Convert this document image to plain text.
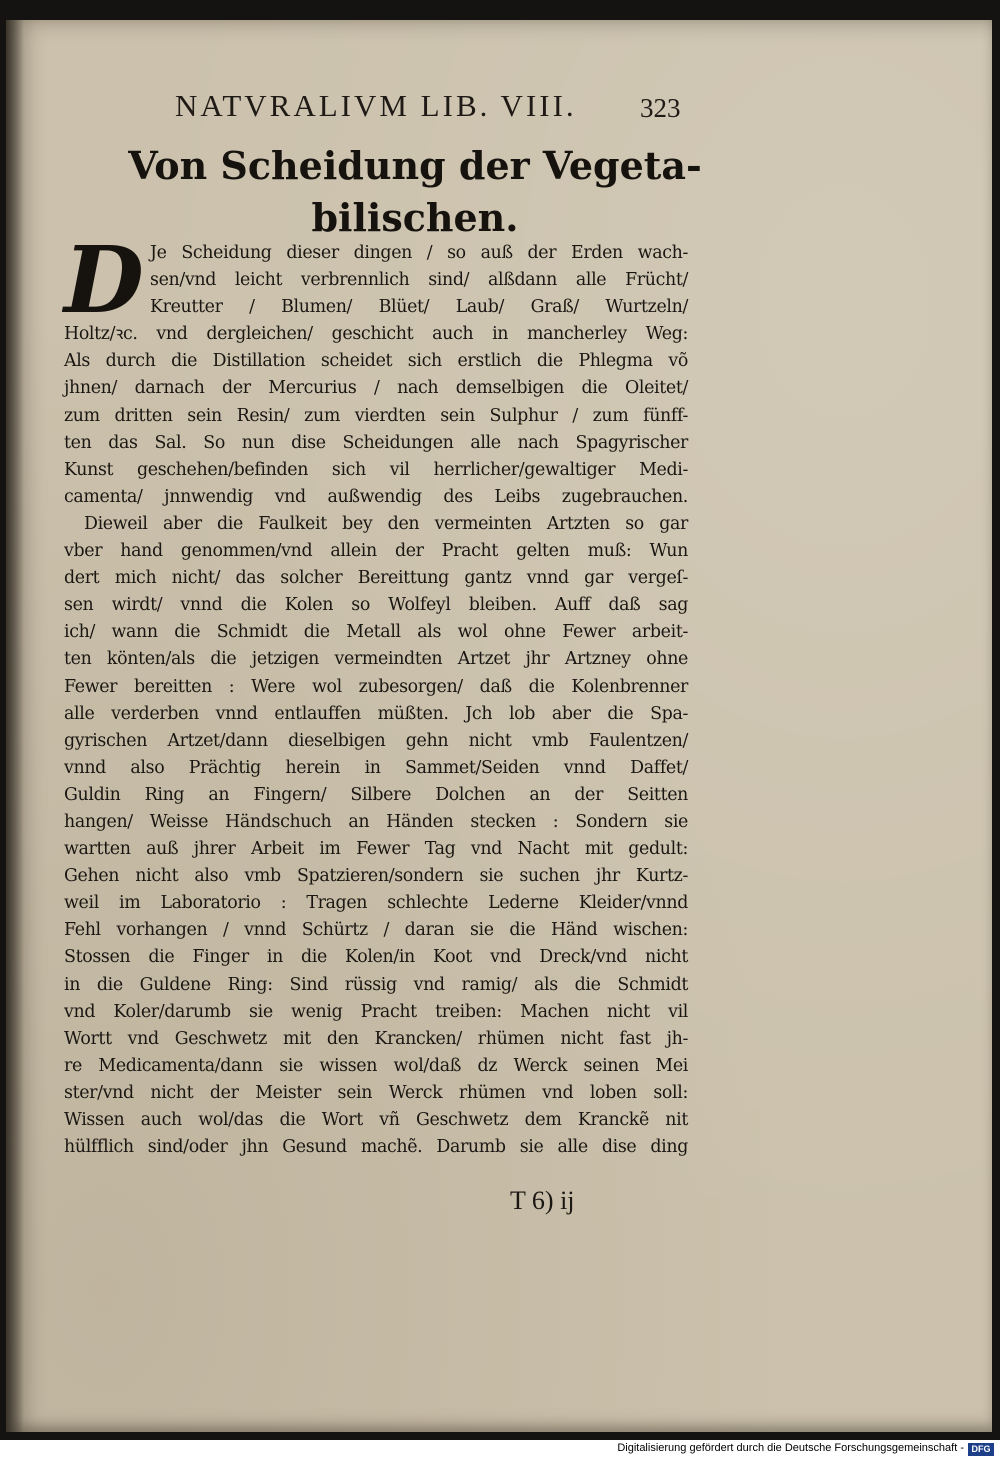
NATVRALIVM LIB. VIII.	323
Von Scheidung der Vegeta-
bilischen.
D Je Scheidung dieser dingen / so auß der Erden wach-
sen/vnd leicht verbrennlich sind/ alßdann alle Frücht/
Kreutter / Blumen/ Blüet/ Laub/ Graß/ Wurtzeln/
Holtz/ꝛc. vnd dergleichen/ geschicht auch in mancherley Weg:
Als durch die Distillation scheidet sich erstlich die Phlegma võ
jhnen/ darnach der Mercurius / nach demselbigen die Oleitet/
zum dritten sein Resin/ zum vierdten sein Sulphur / zum fünff-
ten das Sal. So nun dise Scheidungen alle nach Spagyrischer
Kunst geschehen/befinden sich vil herrlicher/gewaltiger Medi-
camenta/ jnnwendig vnd außwendig des Leibs zugebrauchen.
Dieweil aber die Faulkeit bey den vermeinten Artzten so gar
vber hand genommen/vnd allein der Pracht gelten muß: Wun
dert mich nicht/ das solcher Bereittung gantz vnnd gar vergeſ-
sen wirdt/ vnnd die Kolen so Wolfeyl bleiben. Auff daß sag
ich/ wann die Schmidt die Metall als wol ohne Fewer arbeit-
ten könten/als die jetzigen vermeindten Artzet jhr Artzney ohne
Fewer bereitten : Were wol zubesorgen/ daß die Kolenbrenner
alle verderben vnnd entlauffen müßten. Jch lob aber die Spa-
gyrischen Artzet/dann dieselbigen gehn nicht vmb Faulentzen/
vnnd also Prächtig herein in Sammet/Seiden vnnd Daffet/
Guldin Ring an Fingern/ Silbere Dolchen an der Seitten
hangen/ Weisse Händschuch an Händen stecken : Sondern sie
wartten auß jhrer Arbeit im Fewer Tag vnd Nacht mit gedult:
Gehen nicht also vmb Spatzieren/sondern sie suchen jhr Kurtz-
weil im Laboratorio : Tragen schlechte Lederne Kleider/vnnd
Fehl vorhangen / vnnd Schürtz / daran sie die Händ wischen:
Stossen die Finger in die Kolen/in Koot vnd Dreck/vnd nicht
in die Guldene Ring: Sind rüssig vnd ramig/ als die Schmidt
vnd Koler/darumb sie wenig Pracht treiben: Machen nicht vil
Wortt vnd Geschwetz mit den Krancken/ rhümen nicht fast jh-
re Medicamenta/dann sie wissen wol/daß dz Werck seinen Mei
ster/vnd nicht der Meister sein Werck rhümen vnd loben soll:
Wissen auch wol/das die Wort vñ Geschwetz dem Kranckẽ nit
hülfflich sind/oder jhn Gesund machẽ. Darumb sie alle dise ding
T 6) ij
Digitalisierung gefördert durch die Deutsche Forschungsgemeinschaft - DFG
